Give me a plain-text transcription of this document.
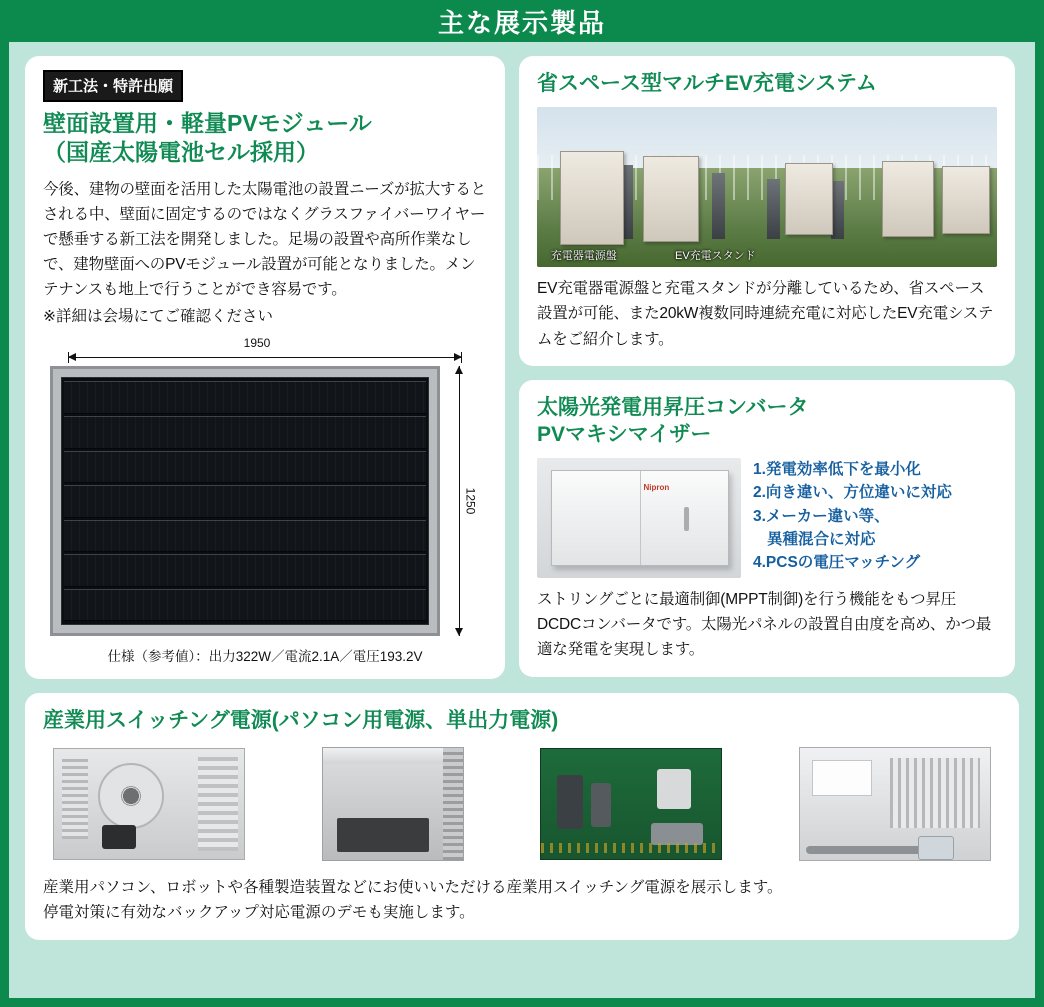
主な展示製品
新工法・特許出願

壁面設置用・軽量PVモジュール
（国産太陽電池セル採用）

今後、建物の壁面を活用した太陽電池の設置ニーズが拡大するとされる中、壁面に固定するのではなくグラスファイバーワイヤーで懸垂する新工法を開発しました。足場の設置や高所作業なしで、建物壁面へのPVモジュール設置が可能となりました。メンテナンスも地上で行うことができ容易です。

※詳細は会場にてご確認ください

1950
1250
仕様（参考値）：出力322W／電流2.1A／電圧193.2V

省スペース型マルチEV充電システム

充電器電源盤	EV充電スタンド

EV充電器電源盤と充電スタンドが分離しているため、省スペース設置が可能、また20kW複数同時連続充電に対応したEV充電システムをご紹介します。

太陽光発電用昇圧コンバータ
PVマキシマイザー

Nipron
1.発電効率低下を最小化
2.向き違い、方位違いに対応
3.メーカー違い等、
異種混合に対応
4.PCSの電圧マッチング

ストリングごとに最適制御(MPPT制御)を行う機能をもつ昇圧DCDCコンバータです。太陽光パネルの設置自由度を高め、かつ最適な発電を実現します。

産業用スイッチング電源(パソコン用電源、単出力電源)

産業用パソコン、ロボットや各種製造装置などにお使いいただける産業用スイッチング電源を展示します。
停電対策に有効なバックアップ対応電源のデモも実施します。
